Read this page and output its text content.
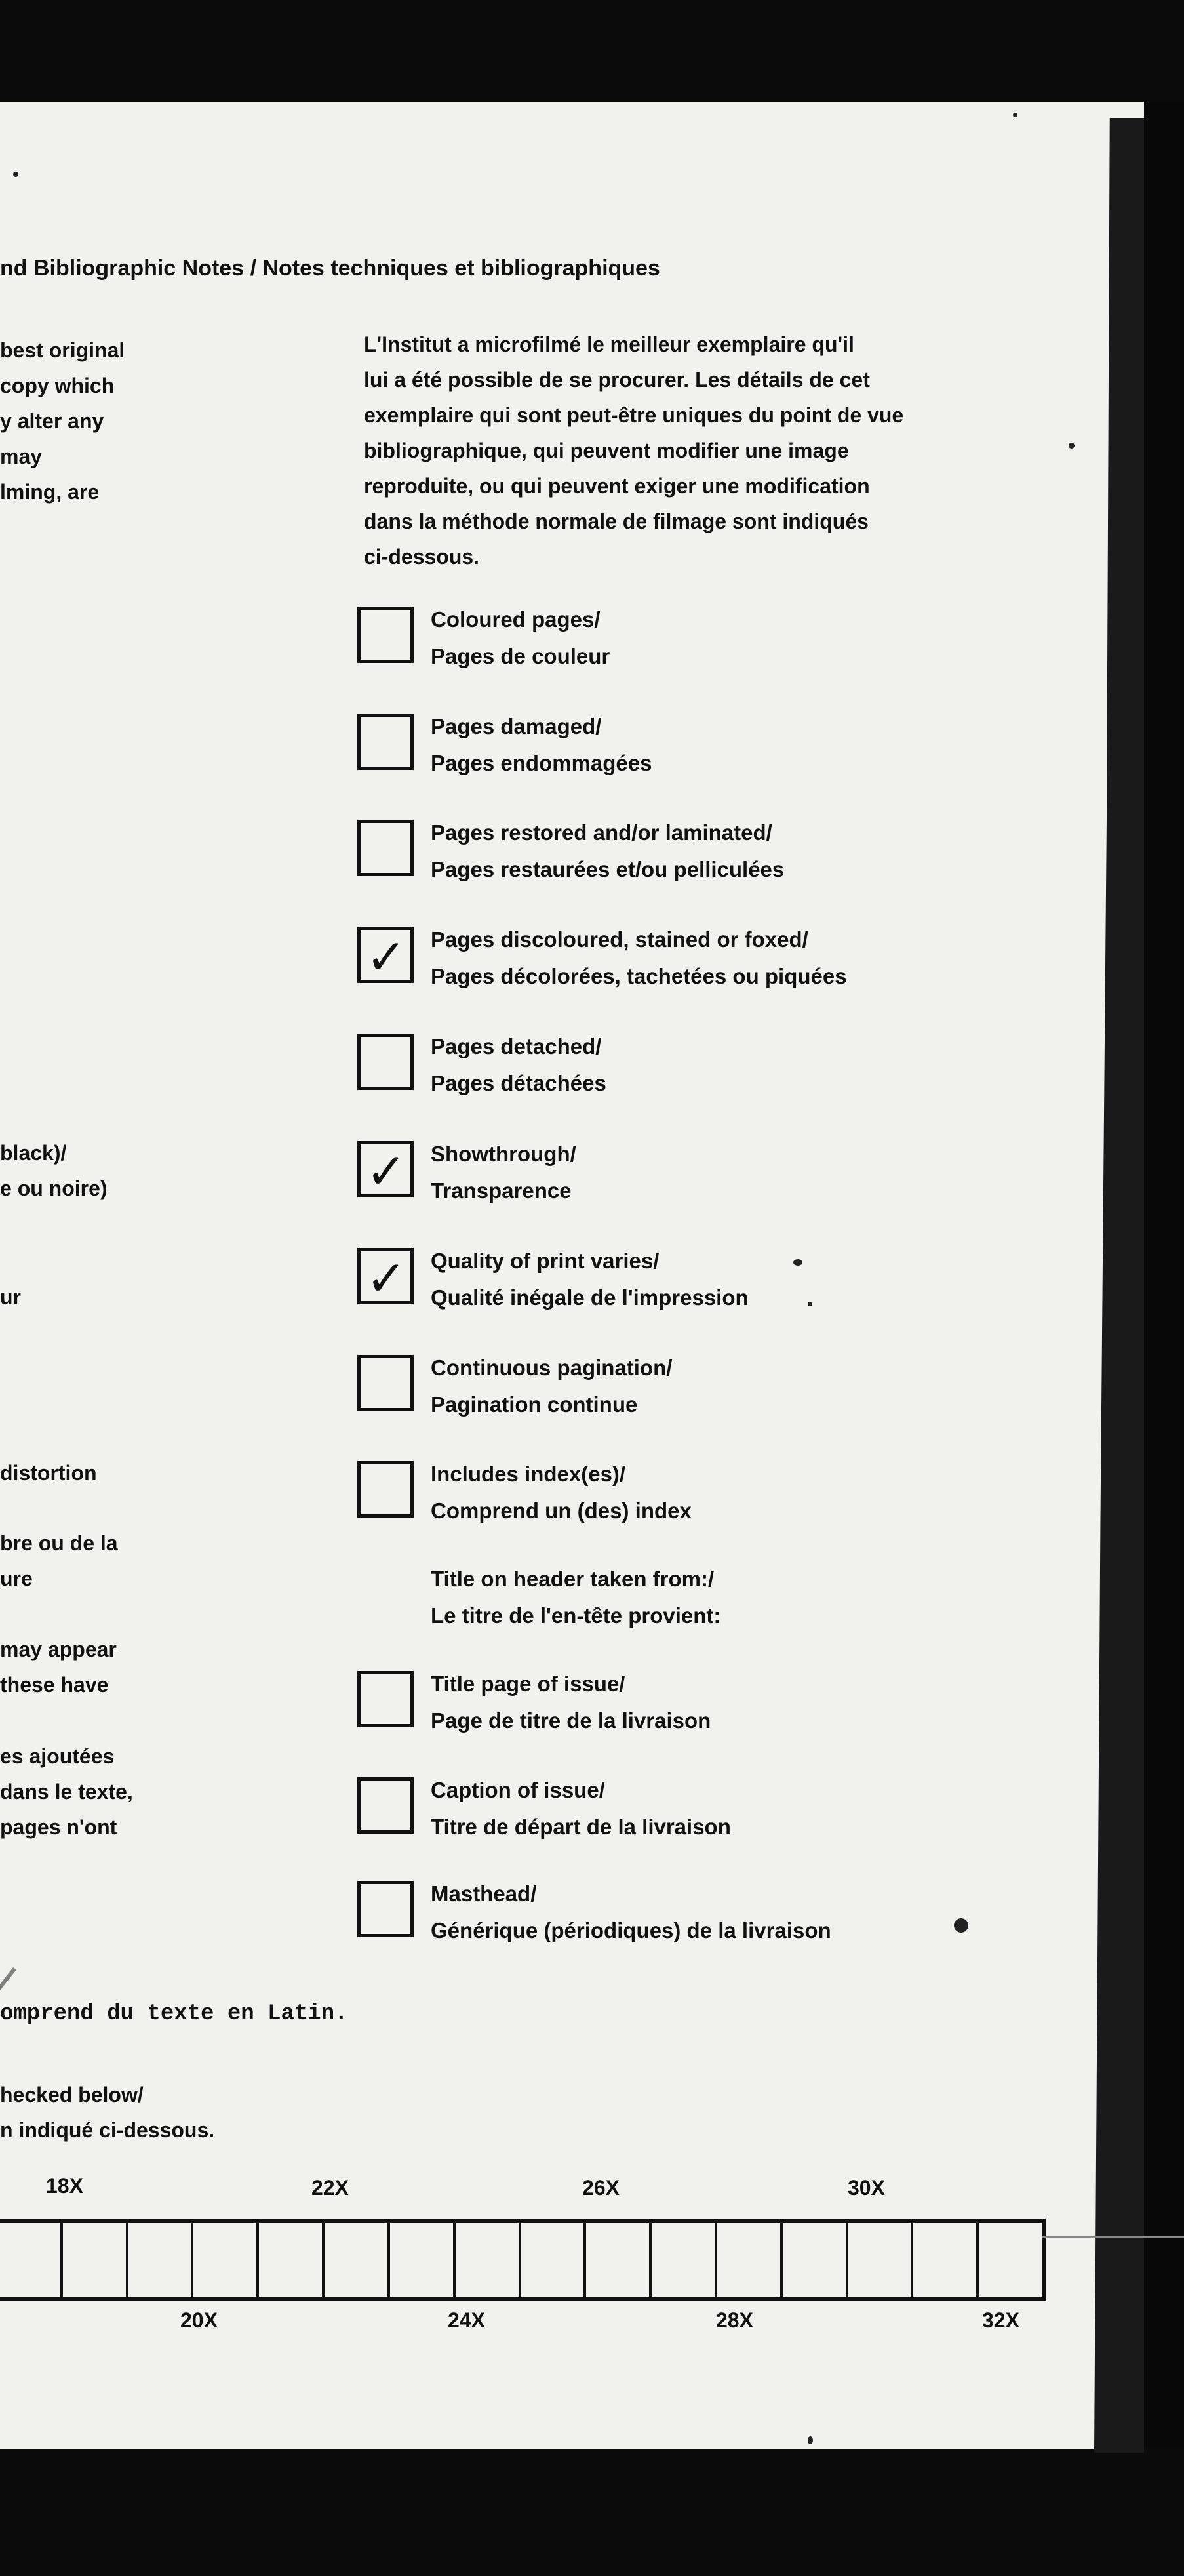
nd Bibliographic Notes / Notes techniques et bibliographiques
best original
copy which
y alter any
may
lming, are
black)/
e ou noire)
ur
distortion
bre ou de la
ure
may appear
these have
es ajoutées
dans le texte,
pages n'ont
L'Institut a microfilmé le meilleur exemplaire qu'il
lui a été possible de se procurer. Les détails de cet
exemplaire qui sont peut-être uniques du point de vue
bibliographique, qui peuvent modifier une image
reproduite, ou qui peuvent exiger une modification
dans la méthode normale de filmage sont indiqués
ci-dessous.
Coloured pages/
Pages de couleur
Pages damaged/
Pages endommagées
Pages restored and/or laminated/
Pages restaurées et/ou pelliculées
✓ Pages discoloured, stained or foxed/
Pages décolorées, tachetées ou piquées
Pages detached/
Pages détachées
✓ Showthrough/
Transparence
✓ Quality of print varies/
Qualité inégale de l'impression
Continuous pagination/
Pagination continue
Includes index(es)/
Comprend un (des) index
Title on header taken from:/
Le titre de l'en-tête provient:
Title page of issue/
Page de titre de la livraison
Caption of issue/
Titre de départ de la livraison
Masthead/
Générique (périodiques) de la livraison
omprend du texte en Latin.
hecked below/
n indiqué ci-dessous.
18X	22X	26X	30X
20X	24X	28X	32X
